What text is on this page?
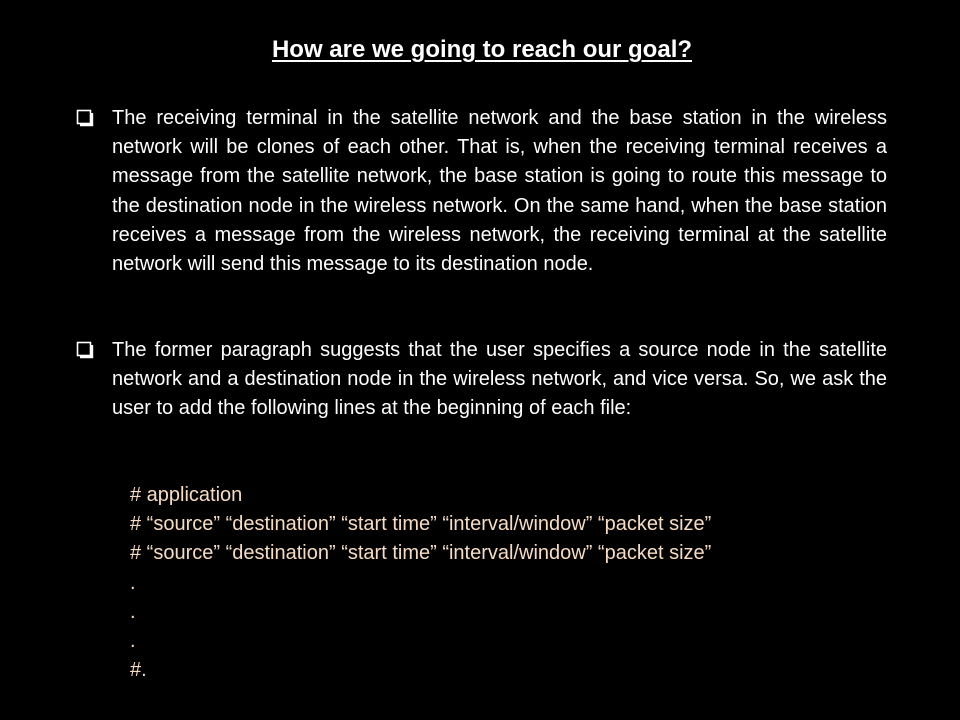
How are we going to reach our goal?
The receiving terminal in the satellite network and the base station in the wireless network will be clones of each other. That is, when the receiving terminal receives a message from the satellite network, the base station is going to route this message to the destination node in the wireless network. On the same hand, when the base station receives a message from the wireless network, the receiving terminal at the satellite network will send this message to its destination node.
The former paragraph suggests that the user specifies a source node in the satellite network and a destination node in the wireless network, and vice versa. So, we ask the user to add the following lines at the beginning of each file:
# application
# “source” “destination” “start time” “interval/window” “packet size”
# “source” “destination” “start time” “interval/window” “packet size”
.
.
.
#.
